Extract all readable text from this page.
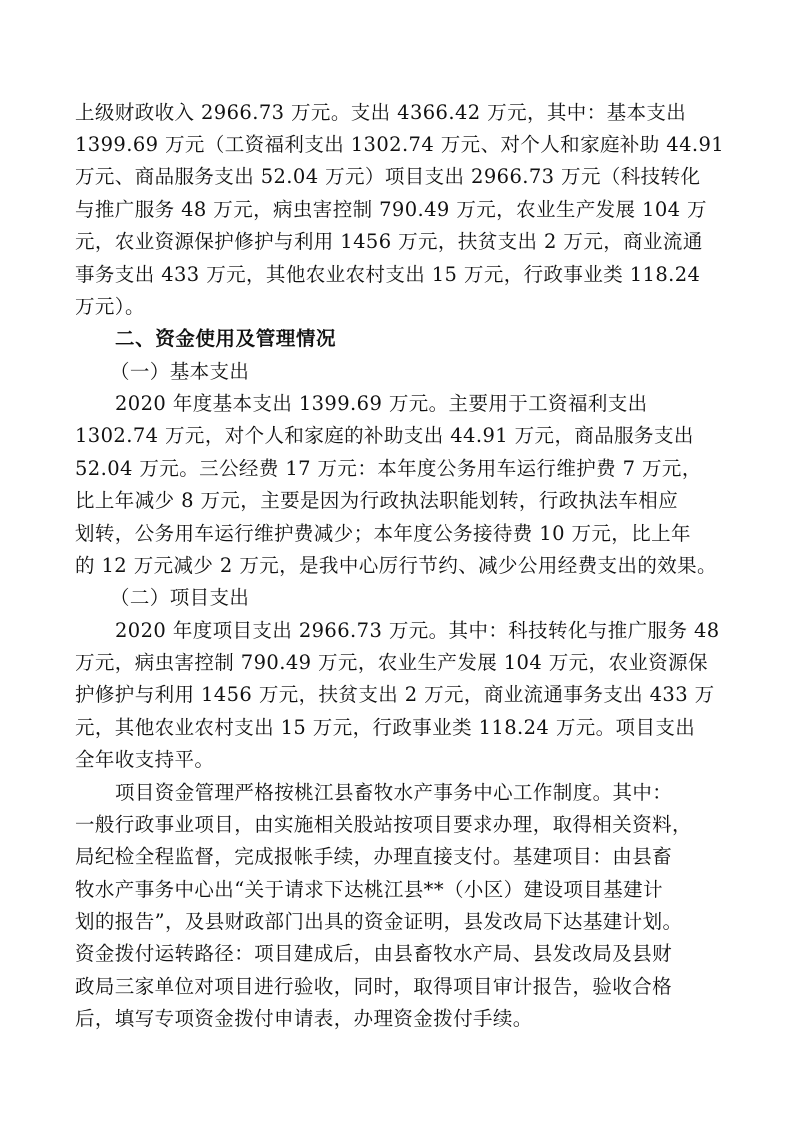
上级财政收入 2966.73 万元。支出 4366.42 万元，其中：基本支出
1399.69 万元（工资福利支出 1302.74 万元、对个人和家庭补助 44.91
万元、商品服务支出 52.04 万元）项目支出 2966.73 万元（科技转化
与推广服务 48 万元，病虫害控制 790.49 万元，农业生产发展 104 万
元，农业资源保护修护与利用 1456 万元，扶贫支出 2 万元，商业流通
事务支出 433 万元，其他农业农村支出 15 万元，行政事业类 118.24
万元）。
二、资金使用及管理情况
（一）基本支出
2020 年度基本支出 1399.69 万元。主要用于工资福利支出
1302.74 万元，对个人和家庭的补助支出 44.91 万元，商品服务支出
52.04 万元。三公经费 17 万元：本年度公务用车运行维护费 7 万元，
比上年减少 8 万元，主要是因为行政执法职能划转，行政执法车相应
划转，公务用车运行维护费减少；本年度公务接待费 10 万元，比上年
的 12 万元减少 2 万元，是我中心厉行节约、减少公用经费支出的效果。
（二）项目支出
2020 年度项目支出 2966.73 万元。其中：科技转化与推广服务 48
万元，病虫害控制 790.49 万元，农业生产发展 104 万元，农业资源保
护修护与利用 1456 万元，扶贫支出 2 万元，商业流通事务支出 433 万
元，其他农业农村支出 15 万元，行政事业类 118.24 万元。项目支出
全年收支持平。
项目资金管理严格按桃江县畜牧水产事务中心工作制度。其中：
一般行政事业项目，由实施相关股站按项目要求办理，取得相关资料，
局纪检全程监督，完成报帐手续，办理直接支付。基建项目：由县畜
牧水产事务中心出“关于请求下达桃江县**（小区）建设项目基建计
划的报告”，及县财政部门出具的资金证明，县发改局下达基建计划。
资金拨付运转路径：项目建成后，由县畜牧水产局、县发改局及县财
政局三家单位对项目进行验收，同时，取得项目审计报告，验收合格
后，填写专项资金拨付申请表，办理资金拨付手续。
